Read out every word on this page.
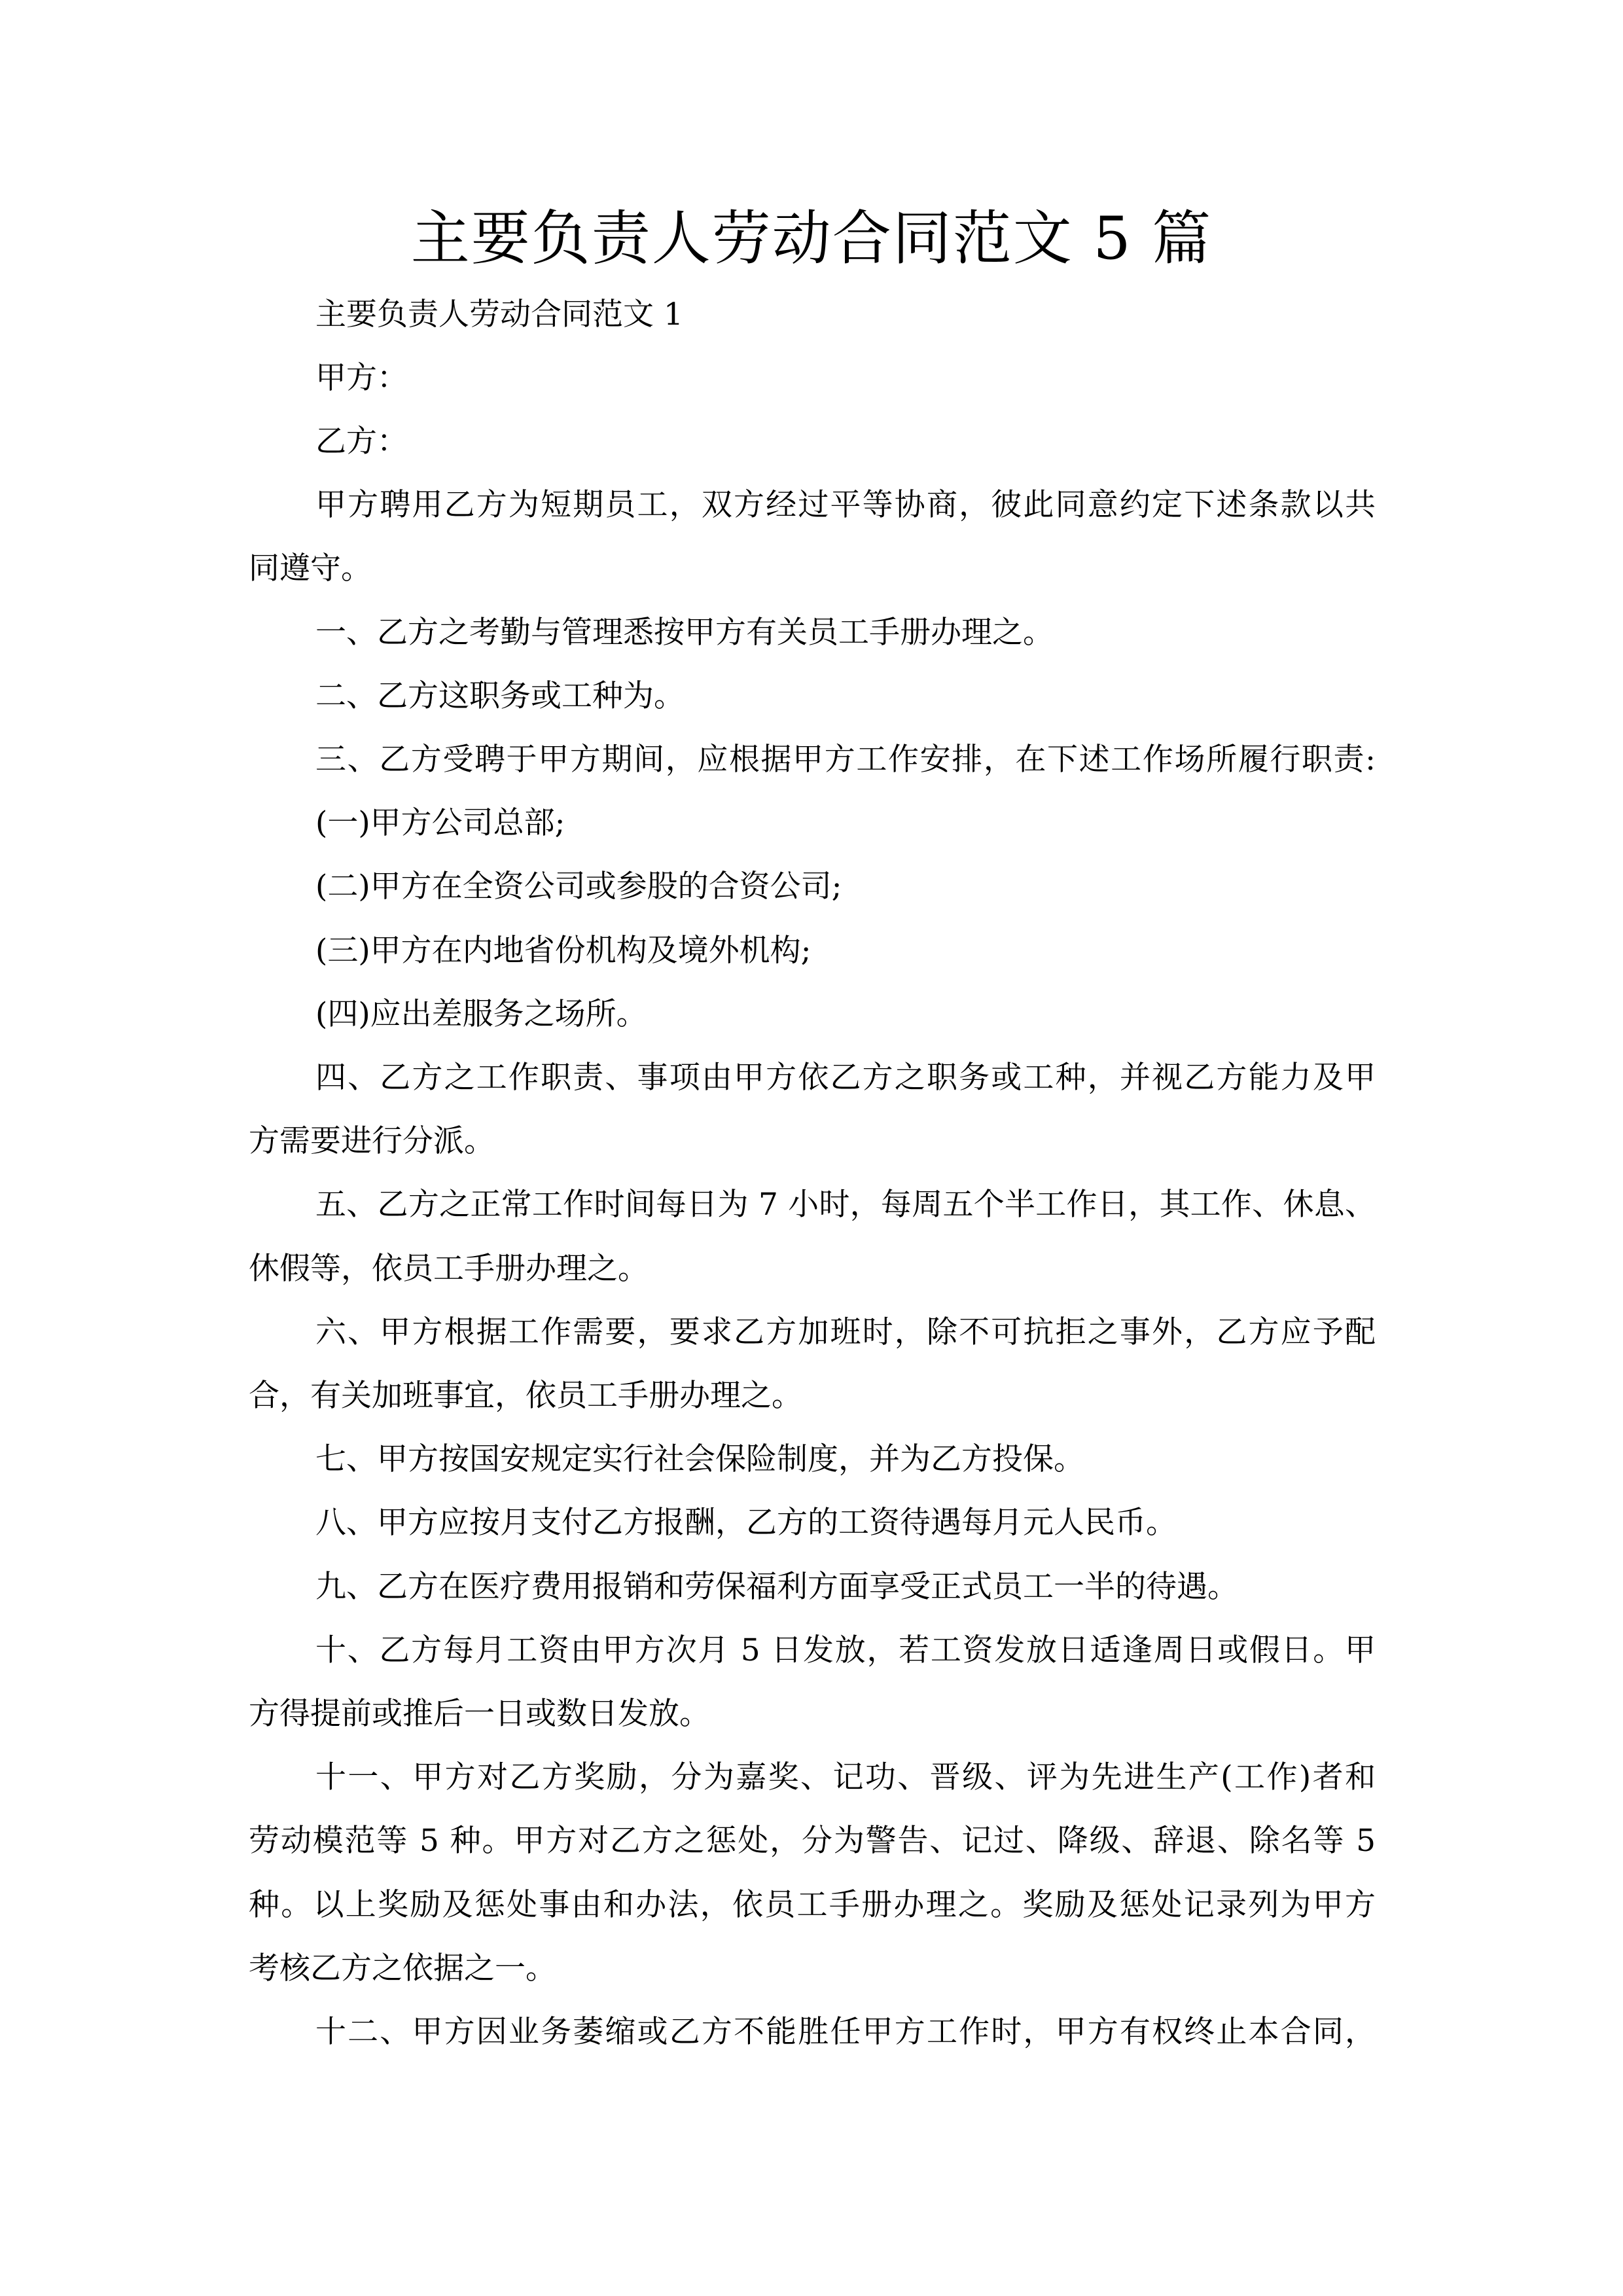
主要负责人劳动合同范文 5 篇
主要负责人劳动合同范文 1
甲方：
乙方：
甲方聘用乙方为短期员工，双方经过平等协商，彼此同意约定下述条款以共
同遵守。
一、乙方之考勤与管理悉按甲方有关员工手册办理之。
二、乙方这职务或工种为。
三、乙方受聘于甲方期间，应根据甲方工作安排，在下述工作场所履行职责:
(一)甲方公司总部;
(二)甲方在全资公司或参股的合资公司;
(三)甲方在内地省份机构及境外机构;
(四)应出差服务之场所。
四、乙方之工作职责、事项由甲方依乙方之职务或工种，并视乙方能力及甲
方需要进行分派。
五、乙方之正常工作时间每日为 7 小时，每周五个半工作日，其工作、休息、
休假等，依员工手册办理之。
六、甲方根据工作需要，要求乙方加班时，除不可抗拒之事外，乙方应予配
合，有关加班事宜，依员工手册办理之。
七、甲方按国安规定实行社会保险制度，并为乙方投保。
八、甲方应按月支付乙方报酬，乙方的工资待遇每月元人民币。
九、乙方在医疗费用报销和劳保福利方面享受正式员工一半的待遇。
十、乙方每月工资由甲方次月 5 日发放，若工资发放日适逢周日或假日。甲
方得提前或推后一日或数日发放。
十一、甲方对乙方奖励，分为嘉奖、记功、晋级、评为先进生产(工作)者和
劳动模范等 5 种。甲方对乙方之惩处，分为警告、记过、降级、辞退、除名等 5
种。以上奖励及惩处事由和办法，依员工手册办理之。奖励及惩处记录列为甲方
考核乙方之依据之一。
十二、甲方因业务萎缩或乙方不能胜任甲方工作时，甲方有权终止本合同，
